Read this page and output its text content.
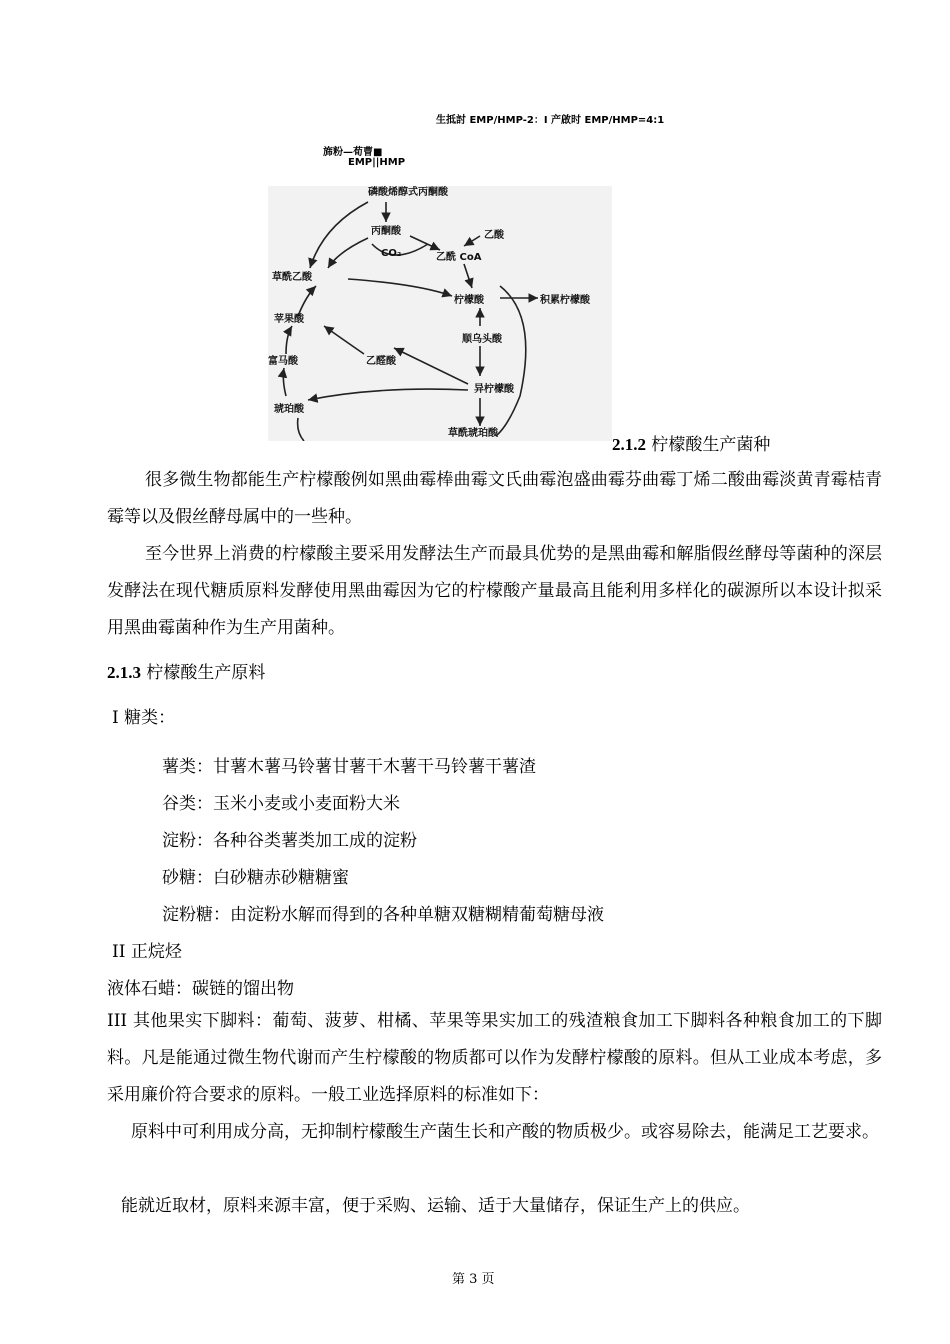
生抵討 EMP/HMP-2：I 产啟时 EMP/HMP=4:1
旆粉—荀曹■
EMP||HMP
磷酸烯醇式丙酮酸
丙酮酸
CO₂
乙酸
乙酰 CoA
草酰乙酸
柠檬酸	积累柠檬酸
苹果酸
顺乌头酸
富马酸	乙醛酸
异柠檬酸
琥珀酸
草酰琥珀酸
2.1.2 柠檬酸生产菌种
很多微生物都能生产柠檬酸例如黑曲霉棒曲霉文氏曲霉泡盛曲霉芬曲霉丁烯二酸曲霉淡黄青霉桔青霉等以及假丝酵母属中的一些种。
至今世界上消费的柠檬酸主要采用发酵法生产而最具优势的是黑曲霉和解脂假丝酵母等菌种的深层发酵法在现代糖质原料发酵使用黑曲霉因为它的柠檬酸产量最高且能利用多样化的碳源所以本设计拟采用黑曲霉菌种作为生产用菌种。
2.1.3 柠檬酸生产原料
I 糖类：
薯类：甘薯木薯马铃薯甘薯干木薯干马铃薯干薯渣
谷类：玉米小麦或小麦面粉大米
淀粉：各种谷类薯类加工成的淀粉
砂糖：白砂糖赤砂糖糖蜜
淀粉糖：由淀粉水解而得到的各种单糖双糖糊精葡萄糖母液
II 正烷烃
液体石蜡：碳链的馏出物
III 其他果实下脚料：葡萄、菠萝、柑橘、苹果等果实加工的残渣粮食加工下脚料各种粮食加工的下脚料。凡是能通过微生物代谢而产生柠檬酸的物质都可以作为发酵柠檬酸的原料。但从工业成本考虑，多采用廉价符合要求的原料。一般工业选择原料的标准如下：
原料中可利用成分高，无抑制柠檬酸生产菌生长和产酸的物质极少。或容易除去，能满足工艺要求。
能就近取材，原料来源丰富，便于采购、运输、适于大量储存，保证生产上的供应。
第 3 页
